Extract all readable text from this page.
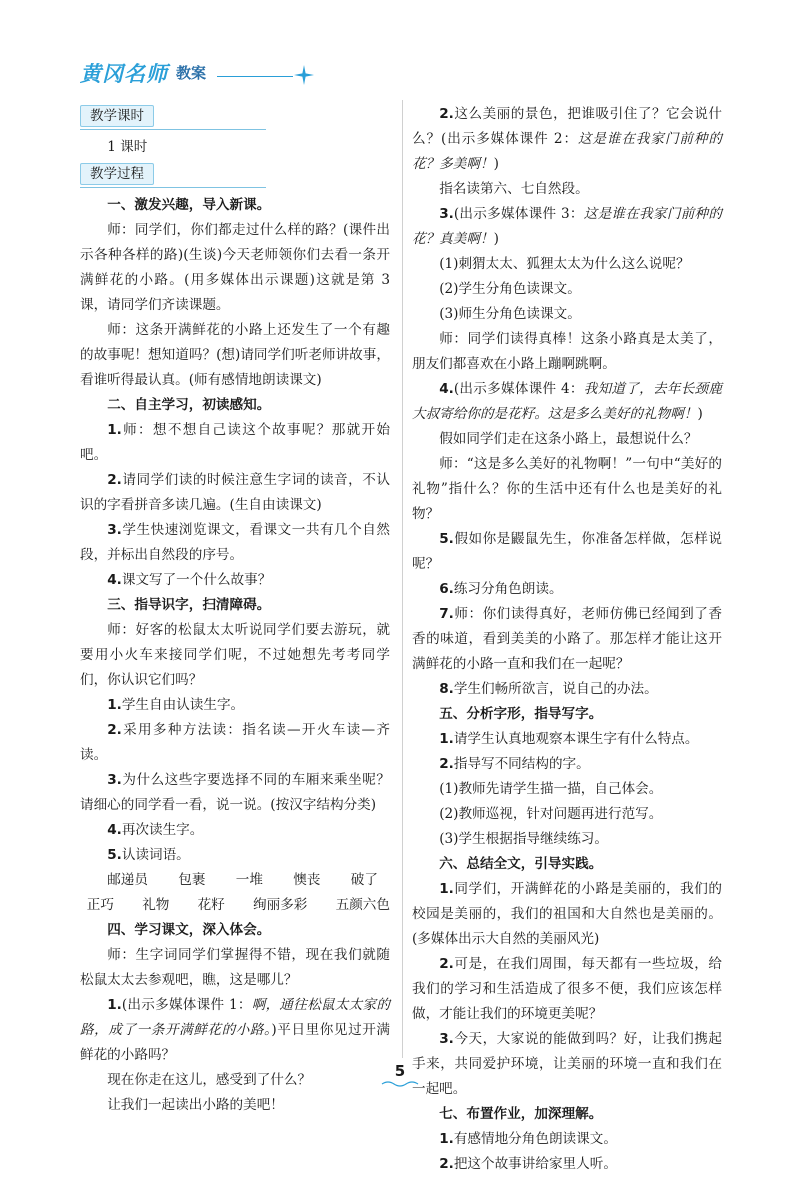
黄冈名师 教案
教学课时
1 课时
教学过程
一、激发兴趣，导入新课。
师：同学们，你们都走过什么样的路？(课件出示各种各样的路)(生谈)今天老师领你们去看一条开满鲜花的小路。(用多媒体出示课题)这就是第 3 课，请同学们齐读课题。
师：这条开满鲜花的小路上还发生了一个有趣的故事呢！想知道吗？(想)请同学们听老师讲故事，看谁听得最认真。(师有感情地朗读课文)
二、自主学习，初读感知。
1.师：想不想自己读这个故事呢？那就开始吧。
2.请同学们读的时候注意生字词的读音，不认识的字看拼音多读几遍。(生自由读课文)
3.学生快速浏览课文，看课文一共有几个自然段，并标出自然段的序号。
4.课文写了一个什么故事？
三、指导识字，扫清障碍。
师：好客的松鼠太太听说同学们要去游玩，就要用小火车来接同学们呢，不过她想先考考同学们，你认识它们吗？
1.学生自由认读生字。
2.采用多种方法读：指名读—开火车读—齐读。
3.为什么这些字要选择不同的车厢来乘坐呢？请细心的同学看一看，说一说。(按汉字结构分类)
4.再次读生字。
5.认读词语。
邮递员 包裹 一堆 懊丧 破了
正巧 礼物 花籽 绚丽多彩 五颜六色
四、学习课文，深入体会。
师：生字词同学们掌握得不错，现在我们就随松鼠太太去参观吧，瞧，这是哪儿？
1.(出示多媒体课件 1：啊，通往松鼠太太家的路，成了一条开满鲜花的小路。)平日里你见过开满鲜花的小路吗？
现在你走在这儿，感受到了什么？
让我们一起读出小路的美吧！
2.这么美丽的景色，把谁吸引住了？它会说什么？(出示多媒体课件 2：这是谁在我家门前种的花？多美啊！)
指名读第六、七自然段。
3.(出示多媒体课件 3：这是谁在我家门前种的花？真美啊！)
(1)刺猬太太、狐狸太太为什么这么说呢？
(2)学生分角色读课文。
(3)师生分角色读课文。
师：同学们读得真棒！这条小路真是太美了，朋友们都喜欢在小路上蹦啊跳啊。
4.(出示多媒体课件 4：我知道了，去年长颈鹿大叔寄给你的是花籽。这是多么美好的礼物啊！)
假如同学们走在这条小路上，最想说什么？
师：“这是多么美好的礼物啊！”一句中“美好的礼物”指什么？你的生活中还有什么也是美好的礼物？
5.假如你是鼹鼠先生，你准备怎样做，怎样说呢？
6.练习分角色朗读。
7.师：你们读得真好，老师仿佛已经闻到了香香的味道，看到美美的小路了。那怎样才能让这开满鲜花的小路一直和我们在一起呢？
8.学生们畅所欲言，说自己的办法。
五、分析字形，指导写字。
1.请学生认真地观察本课生字有什么特点。
2.指导写不同结构的字。
(1)教师先请学生描一描，自己体会。
(2)教师巡视，针对问题再进行范写。
(3)学生根据指导继续练习。
六、总结全文，引导实践。
1.同学们，开满鲜花的小路是美丽的，我们的校园是美丽的，我们的祖国和大自然也是美丽的。(多媒体出示大自然的美丽风光)
2.可是，在我们周围，每天都有一些垃圾，给我们的学习和生活造成了很多不便，我们应该怎样做，才能让我们的环境更美呢？
3.今天，大家说的能做到吗？好，让我们携起手来，共同爱护环境，让美丽的环境一直和我们在一起吧。
七、布置作业，加深理解。
1.有感情地分角色朗读课文。
2.把这个故事讲给家里人听。
5
